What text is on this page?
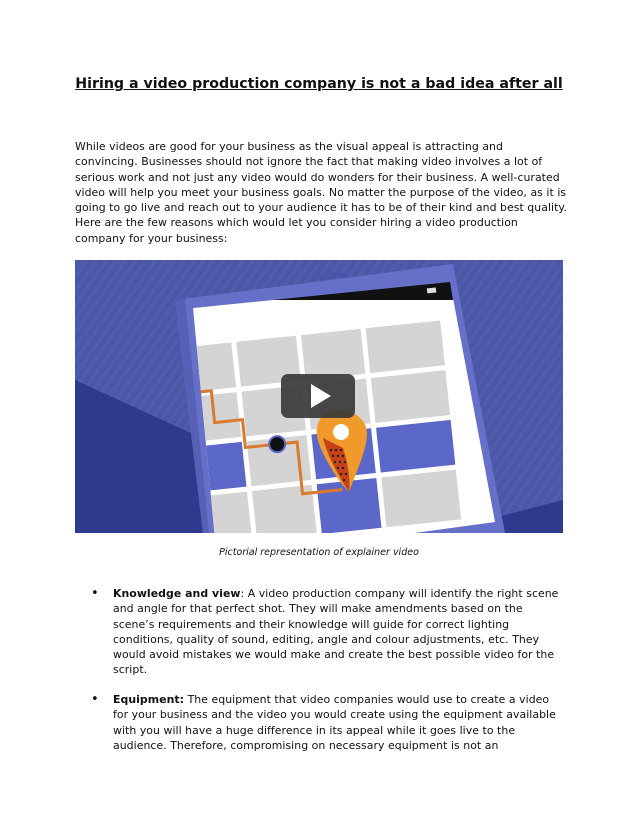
Hiring a video production company is not a bad idea after all

While videos are good for your business as the visual appeal is attracting and convincing. Businesses should not ignore the fact that making video involves a lot of serious work and not just any video would do wonders for their business. A well-curated video will help you meet your business goals. No matter the purpose of the video, as it is going to go live and reach out to your audience it has to be of their kind and best quality. Here are the few reasons which would let you consider hiring a video production company for your business:

Pictorial representation of explainer video

• Knowledge and view: A video production company will identify the right scene and angle for that perfect shot. They will make amendments based on the scene’s requirements and their knowledge will guide for correct lighting conditions, quality of sound, editing, angle and colour adjustments, etc. They would avoid mistakes we would make and create the best possible video for the script.

• Equipment: The equipment that video companies would use to create a video for your business and the video you would create using the equipment available with you will have a huge difference in its appeal while it goes live to the audience. Therefore, compromising on necessary equipment is not an
